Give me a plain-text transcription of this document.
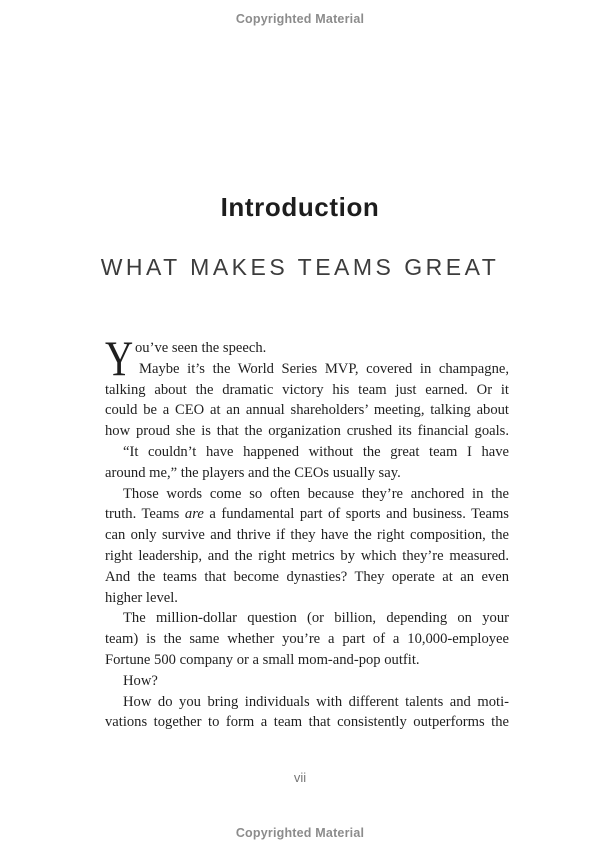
Copyrighted Material
Introduction
WHAT MAKES TEAMS GREAT
Y ou’ve seen the speech.
Maybe it’s the World Series MVP, covered in champagne,
talking about the dramatic victory his team just earned. Or it
could be a CEO at an annual shareholders’ meeting, talking about
how proud she is that the organization crushed its financial goals.
“It couldn’t have happened without the great team I have
around me,” the players and the CEOs usually say.
Those words come so often because they’re anchored in the
truth. Teams are a fundamental part of sports and business. Teams
can only survive and thrive if they have the right composition, the
right leadership, and the right metrics by which they’re measured.
And the teams that become dynasties? They operate at an even
higher level.
The million-dollar question (or billion, depending on your
team) is the same whether you’re a part of a 10,000-employee
Fortune 500 company or a small mom-and-pop outfit.
How?
How do you bring individuals with different talents and moti-
vations together to form a team that consistently outperforms the
vii
Copyrighted Material
